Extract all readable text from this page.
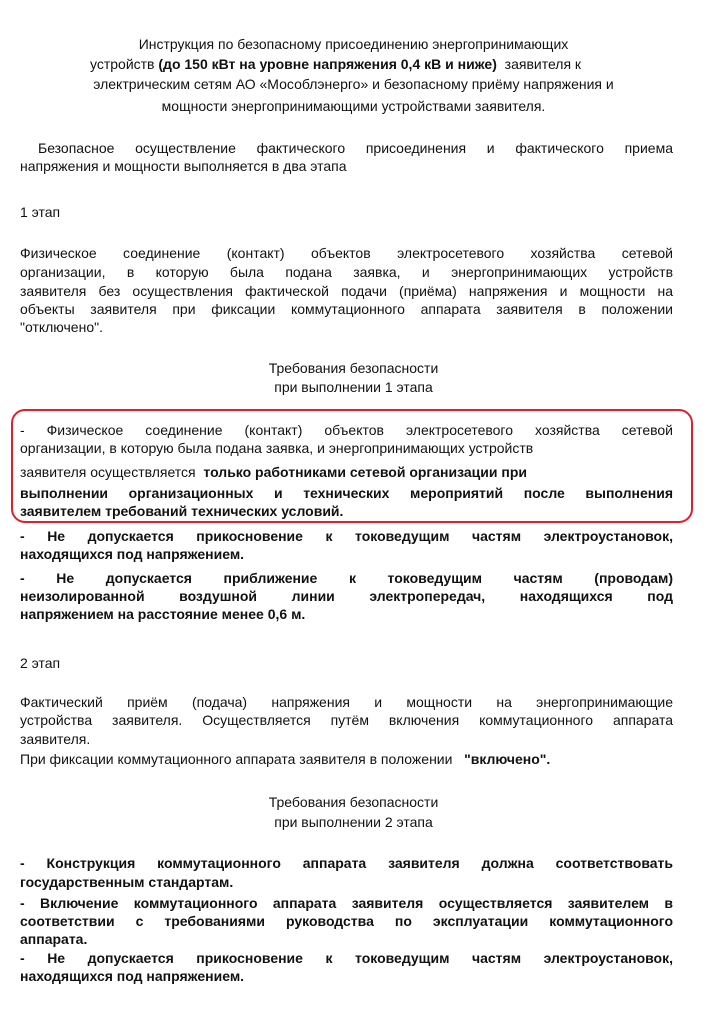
Инструкция по безопасному присоединению энергопринимающих
устройств (до 150 кВт на уровне напряжения 0,4 кВ и ниже) заявителя к
электрическим сетям АО «Мособлэнерго» и безопасному приёму напряжения и
мощности энергопринимающими устройствами заявителя.
Безопасное осуществление фактического присоединения и фактического приема
напряжения и мощности выполняется в два этапа
1 этап
Физическое соединение (контакт) объектов электросетевого хозяйства сетевой
организации, в которую была подана заявка, и энергопринимающих устройств
заявителя без осуществления фактической подачи (приёма) напряжения и мощности на
объекты заявителя при фиксации коммутационного аппарата заявителя в положении
"отключено".
Требования безопасности
при выполнении 1 этапа
- Физическое соединение (контакт) объектов электросетевого хозяйства сетевой
организации, в которую была подана заявка, и энергопринимающих устройств
заявителя осуществляется только работниками сетевой организации при
выполнении организационных и технических мероприятий после выполнения
заявителем требований технических условий.
- Не допускается прикосновение к токоведущим частям электроустановок,
находящихся под напряжением.
- Не допускается приближение к токоведущим частям (проводам)
неизолированной воздушной линии электропередач, находящихся под
напряжением на расстояние менее 0,6 м.
2 этап
Фактический приём (подача) напряжения и мощности на энергопринимающие
устройства заявителя. Осуществляется путём включения коммутационного аппарата
заявителя.
При фиксации коммутационного аппарата заявителя в положении "включено".
Требования безопасности
при выполнении 2 этапа
- Конструкция коммутационного аппарата заявителя должна соответствовать
государственным стандартам.
- Включение коммутационного аппарата заявителя осуществляется заявителем в
соответствии с требованиями руководства по эксплуатации коммутационного
аппарата.
- Не допускается прикосновение к токоведущим частям электроустановок,
находящихся под напряжением.
